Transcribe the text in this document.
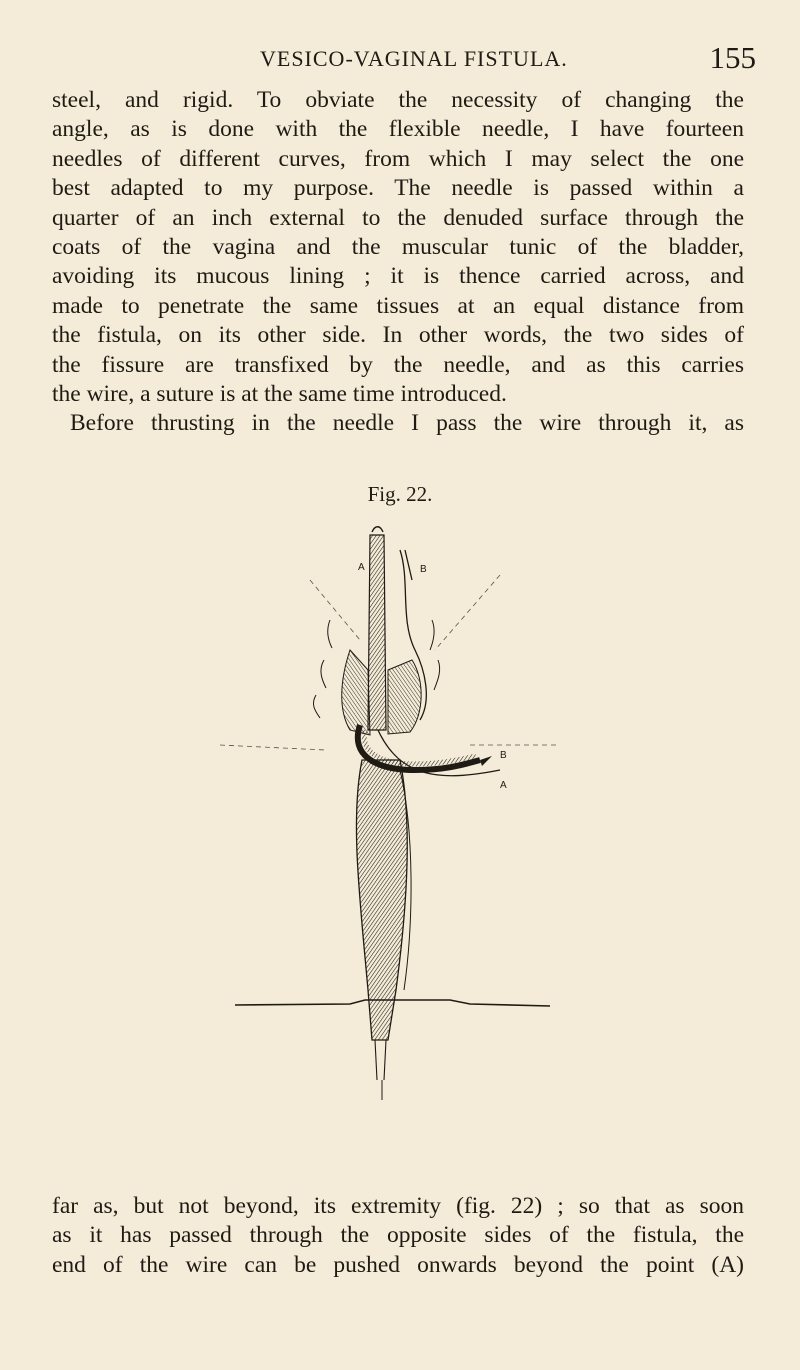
VESICO-VAGINAL FISTULA.	155
steel, and rigid. To obviate the necessity of changing the
angle, as is done with the flexible needle, I have fourteen
needles of different curves, from which I may select the one
best adapted to my purpose. The needle is passed within a
quarter of an inch external to the denuded surface through the
coats of the vagina and the muscular tunic of the bladder,
avoiding its mucous lining ; it is thence carried across, and
made to penetrate the same tissues at an equal distance from
the fistula, on its other side. In other words, the two sides of
the fissure are transfixed by the needle, and as this carries
the wire, a suture is at the same time introduced.
Before thrusting in the needle I pass the wire through it, as
Fig. 22.
A	B
B
A
far as, but not beyond, its extremity (fig. 22) ; so that as soon
as it has passed through the opposite sides of the fistula, the
end of the wire can be pushed onwards beyond the point (A)
